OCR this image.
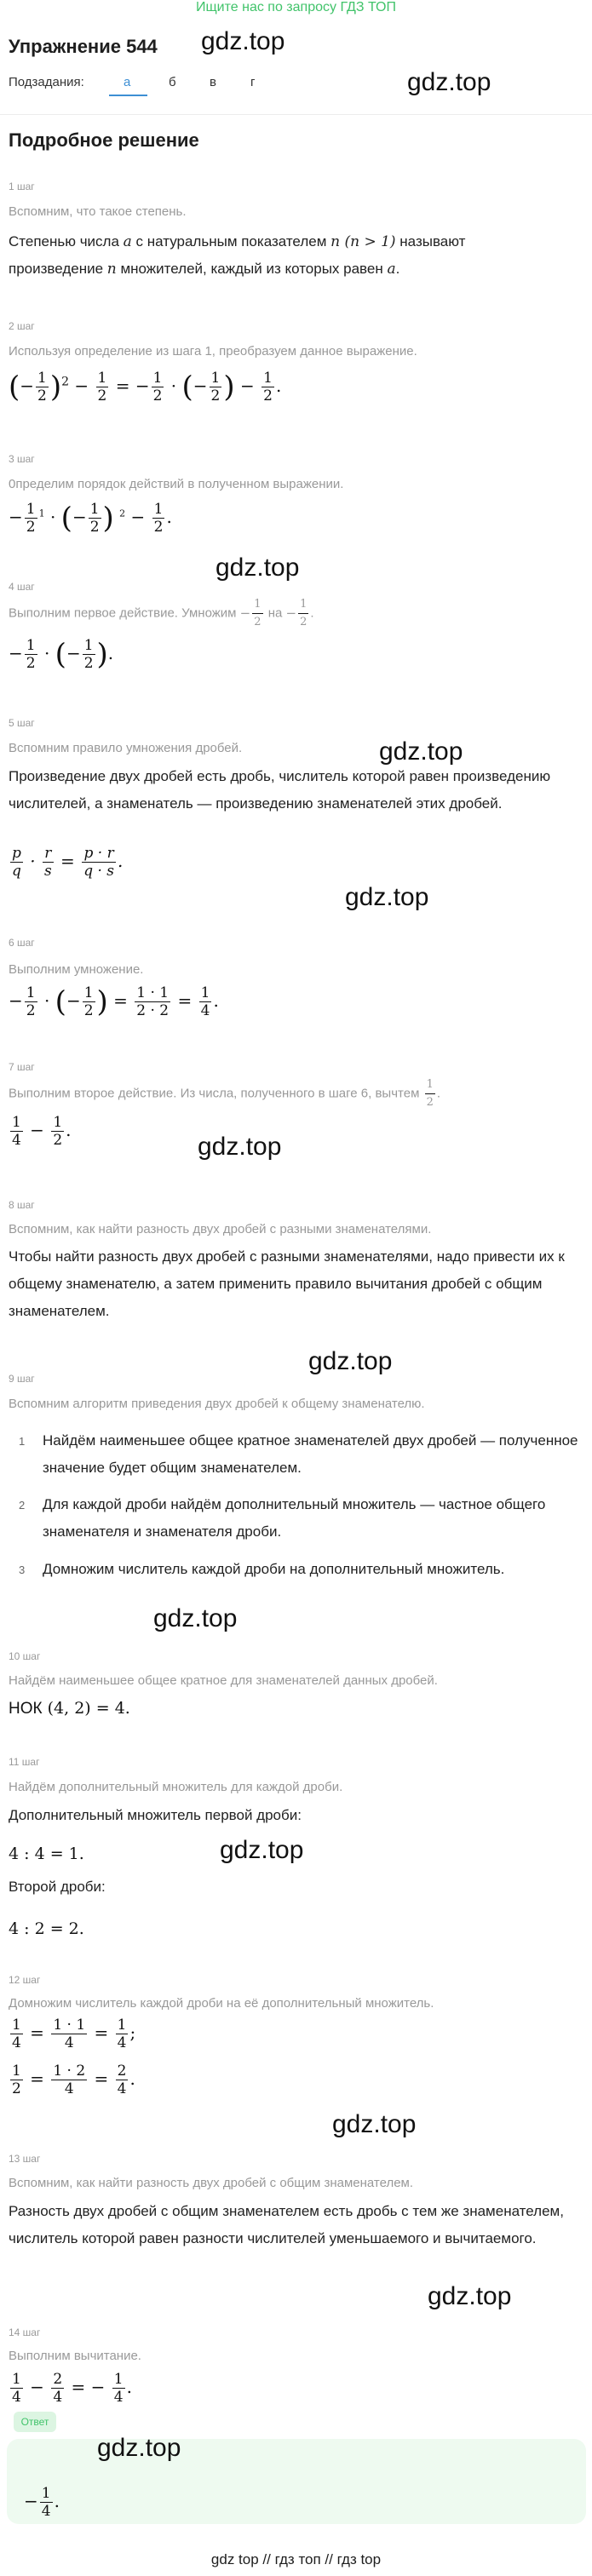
Ищите нас по запросу ГДЗ ТОП
Упражнение 544 gdz.top
Подзадания:	а	б	в	г	gdz.top
Подробное решение
1 шаг
Вспомним, что такое степень.
Степенью числа a с натуральным показателем n (n > 1) называют
произведение n множителей, каждый из которых равен a.
2 шаг
Используя определение из шага 1, преобразуем данное выражение.
(− $\frac{1}{2} )^2 - \frac{1}{2}$ = − $\frac{1}{2}$ · (− $\frac{1}{2}$ ) − $\frac{1}{2}$ .
3 шаг
0пределим порядок действий в полученном выражении.
− $\frac{1}{2} ^1$ · (− $\frac{1}{2}$ ) $^2 - \frac{1}{2}$ .
gdz.top
4 шаг
Выполним первое действие. Умножим − $\frac{1}{2}$ на − $\frac{1}{2}$ .
− $\frac{1}{2}$ · (− $\frac{1}{2}$ ).
5 шаг
Вспомним правило умножения дробей.	gdz.top
Произведение двух дробей есть дробь, числитель которой равен произведению числителей, а знаменатель — произведению знаменателей этих дробей.
$\frac{p}{q} \cdot \frac{r}{s} = \frac{p \cdot r}{q \cdot s}$ .
gdz.top
6 шаг
Выполним умножение.
− $\frac{1}{2}$ · (− $\frac{1}{2}$ ) = $\frac{1 \cdot 1}{2 \cdot 2} = \frac{1}{4}$ .
7 шаг
Выполним второе действие. Из числа, полученного в шаге 6, вычтем $\frac{1}{2}$ .
$\frac{1}{4} - \frac{1}{2}$ .
gdz.top
8 шаг
Вспомним, как найти разность двух дробей с разными знаменателями.
Чтобы найти разность двух дробей с разными знаменателями, надо привести их к общему знаменателю, а затем применить правило вычитания дробей с общим знаменателем.
gdz.top
9 шаг
Вспомним алгоритм приведения двух дробей к общему знаменателю.
1 Найдём наименьшее общее кратное знаменателей двух дробей — полученное значение будет общим знаменателем.
2 Для каждой дроби найдём дополнительный множитель — частное общего знаменателя и знаменателя дроби.
3 Домножим числитель каждой дроби на дополнительный множитель.
gdz.top
10 шаг
Найдём наименьшее общее кратное для знаменателей данных дробей.
НОК (4, 2) = 4.
11 шаг
Найдём дополнительный множитель для каждой дроби.
Дополнительный множитель первой дроби:
4 : 4 = 1.	gdz.top
Второй дроби:
4 : 2 = 2.
12 шаг
Домножим числитель каждой дроби на её дополнительный множитель.
$\frac{1}{4} = \frac{1 \cdot 1}{4} = \frac{1}{4}$ ;
$\frac{1}{2} = \frac{1 \cdot 2}{4} = \frac{2}{4}$ .
gdz.top
13 шаг
Вспомним, как найти разность двух дробей с общим знаменателем.
Разность двух дробей с общим знаменателем есть дробь с тем же знаменателем, числитель которой равен разности числителей уменьшаемого и вычитаемого.
gdz.top
14 шаг
Выполним вычитание.
$\frac{1}{4} - \frac{2}{4}$ = − $\frac{1}{4}$ .
Ответ
gdz.top
− $\frac{1}{4}$ .
gdz top // гдз топ // гдз top
